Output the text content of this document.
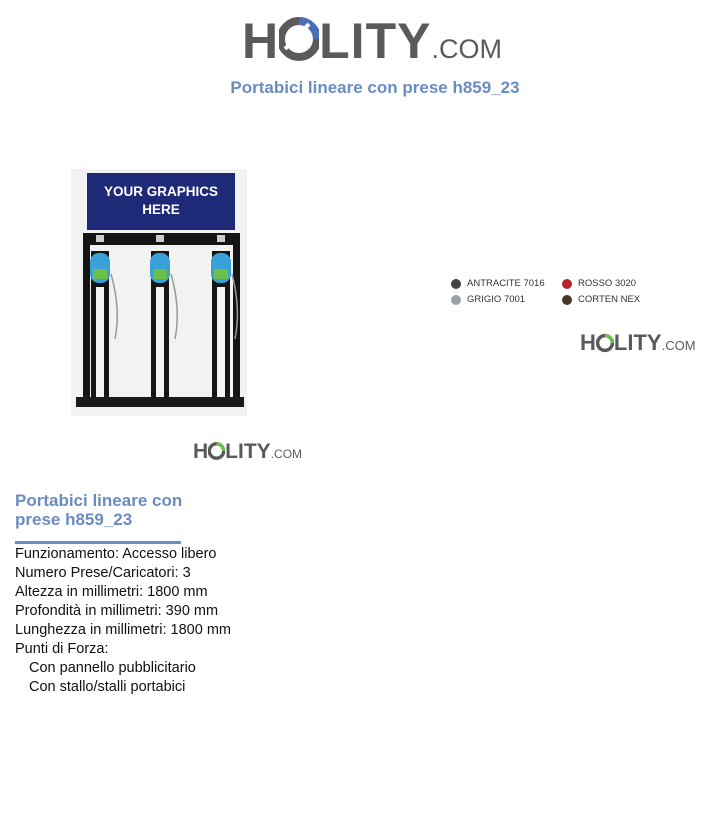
H L I T Y .COM
Portabici lineare con prese h859_23
YOUR GRAPHICS
HERE
ANTRACITE 7016	ROSSO 3020
GRIGIO 7001	CORTEN NEX
H L I T Y .COM
H L I T Y .COM
Portabici lineare con prese h859_23
Funzionamento: Accesso libero
Numero Prese/Caricatori: 3
Altezza in millimetri: 1800 mm
Profondità in millimetri: 390 mm
Lunghezza in millimetri: 1800 mm
Punti di Forza:
Con pannello pubblicitario
Con stallo/stalli portabici
